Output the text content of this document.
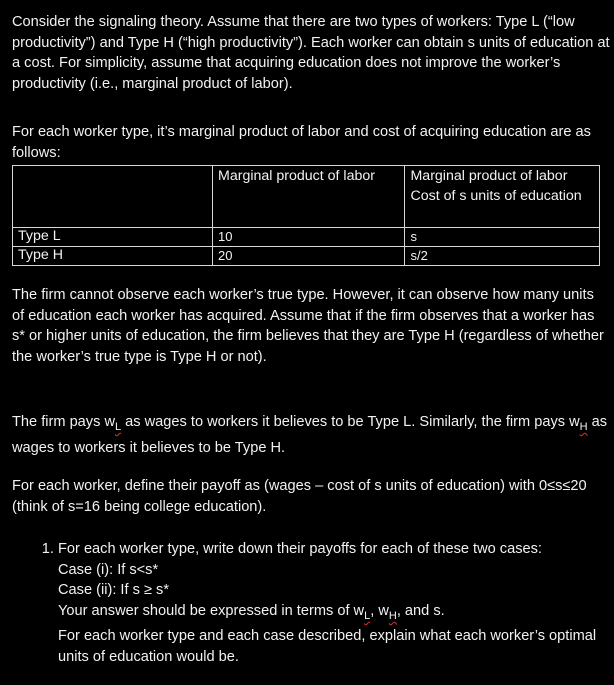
Consider the signaling theory. Assume that there are two types of workers: Type L (“low productivity”) and Type H (“high productivity”). Each worker can obtain s units of education at a cost. For simplicity, assume that acquiring education does not improve the worker’s productivity (i.e., marginal product of labor).

For each worker type, it’s marginal product of labor and cost of acquiring education are as follows:

	Marginal product of labor	Marginal product of labor Cost of s units of education
Type L	10	s
Type H	20	s/2

The firm cannot observe each worker’s true type. However, it can observe how many units of education each worker has acquired. Assume that if the firm observes that a worker has s* or higher units of education, the firm believes that they are Type H (regardless of whether the worker’s true type is Type H or not).

The firm pays $w_L$ as wages to workers it believes to be Type L. Similarly, the firm pays $w_H$ as wages to workers it believes to be Type H.

For each worker, define their payoff as (wages – cost of s units of education) with 0≤s≤20 (think of s=16 being college education).

1. For each worker type, write down their payoffs for each of these two cases:
Case (i): If s<s*
Case (ii): If s ≥ s*
Your answer should be expressed in terms of $w_L$, $w_H$, and s.
For each worker type and each case described, explain what each worker’s optimal units of education would be.
